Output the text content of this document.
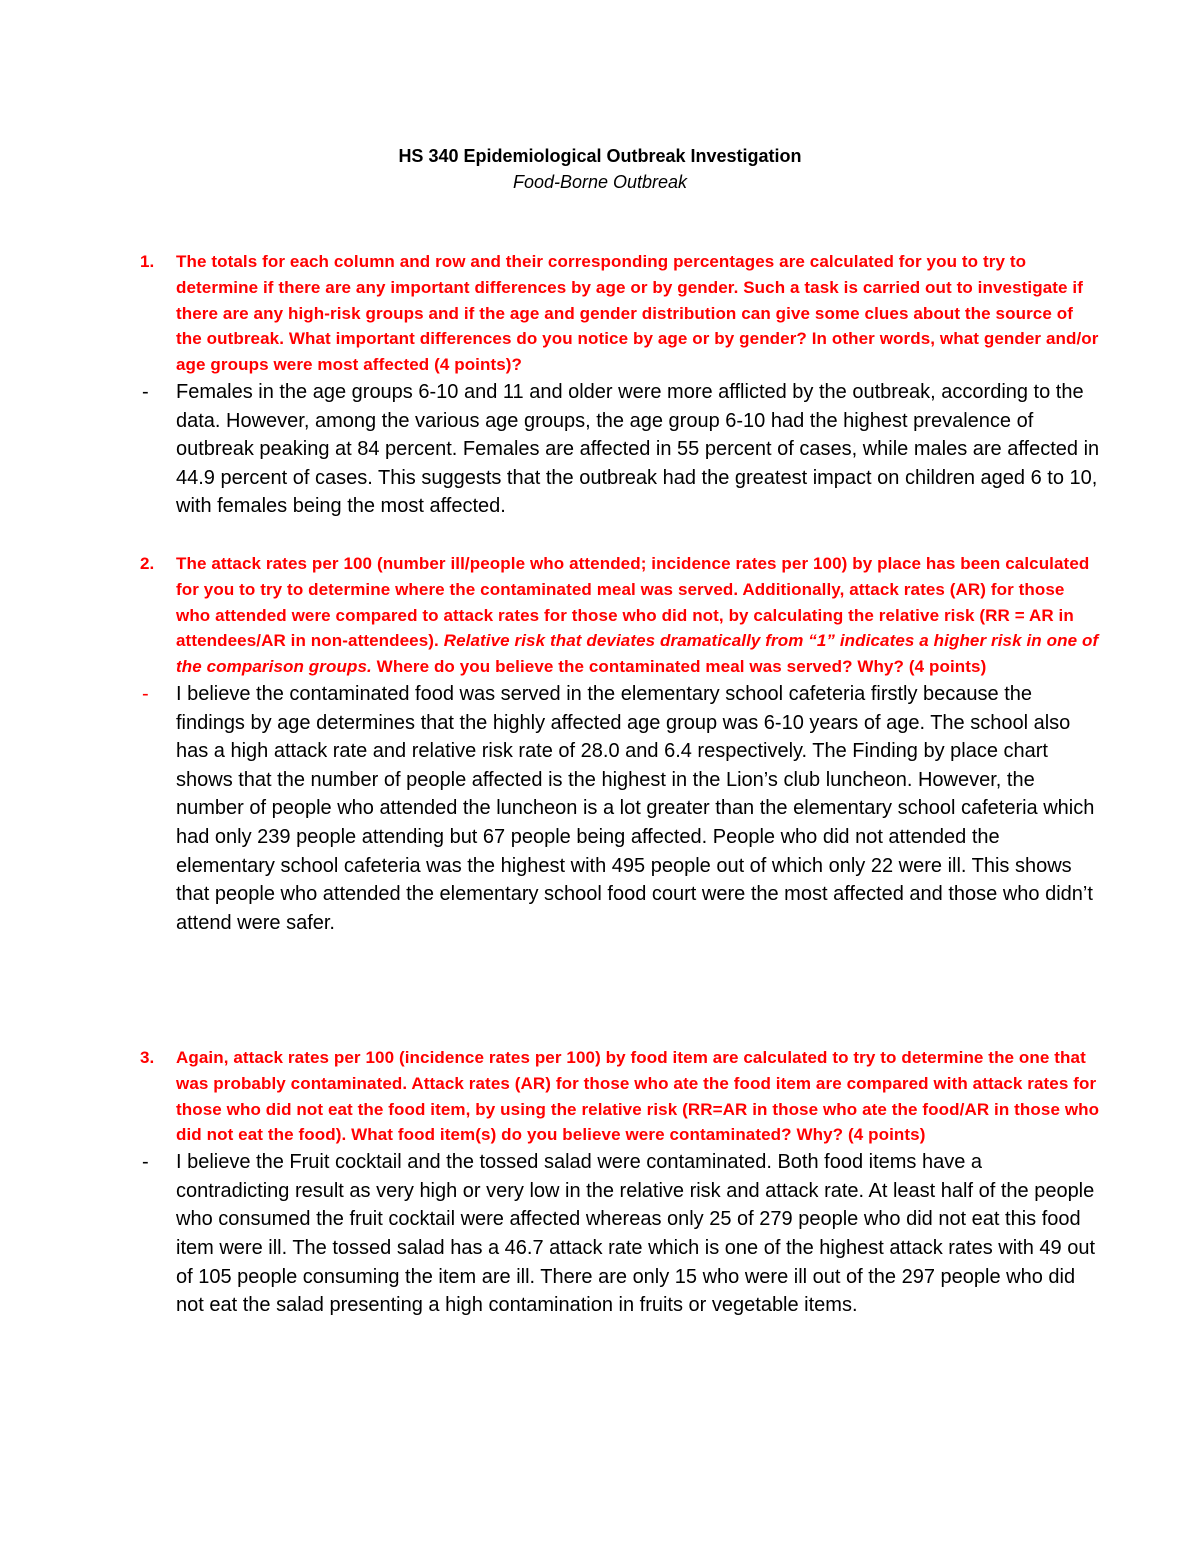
HS 340 Epidemiological Outbreak Investigation

Food-Borne Outbreak

1.	The totals for each column and row and their corresponding percentages are calculated for you to try to determine if there are any important differences by age or by gender. Such a task is carried out to investigate if there are any high-risk groups and if the age and gender distribution can give some clues about the source of the outbreak. What important differences do you notice by age or by gender? In other words, what gender and/or age groups were most affected (4 points)?
- Females in the age groups 6-10 and 11 and older were more afflicted by the outbreak, according to the data. However, among the various age groups, the age group 6-10 had the highest prevalence of outbreak peaking at 84 percent. Females are affected in 55 percent of cases, while males are affected in 44.9 percent of cases. This suggests that the outbreak had the greatest impact on children aged 6 to 10, with females being the most affected.
2.	The attack rates per 100 (number ill/people who attended; incidence rates per 100) by place has been calculated for you to try to determine where the contaminated meal was served. Additionally, attack rates (AR) for those who attended were compared to attack rates for those who did not, by calculating the relative risk (RR = AR in attendees/AR in non-attendees). Relative risk that deviates dramatically from “1” indicates a higher risk in one of the comparison groups. Where do you believe the contaminated meal was served? Why? (4 points)
- I believe the contaminated food was served in the elementary school cafeteria firstly because the findings by age determines that the highly affected age group was 6-10 years of age. The school also has a high attack rate and relative risk rate of 28.0 and 6.4 respectively. The Finding by place chart shows that the number of people affected is the highest in the Lion’s club luncheon. However, the number of people who attended the luncheon is a lot greater than the elementary school cafeteria which had only 239 people attending but 67 people being affected. People who did not attended the elementary school cafeteria was the highest with 495 people out of which only 22 were ill. This shows that people who attended the elementary school food court were the most affected and those who didn’t attend were safer.
3.	Again, attack rates per 100 (incidence rates per 100) by food item are calculated to try to determine the one that was probably contaminated. Attack rates (AR) for those who ate the food item are compared with attack rates for those who did not eat the food item, by using the relative risk (RR=AR in those who ate the food/AR in those who did not eat the food). What food item(s) do you believe were contaminated? Why? (4 points)
- I believe the Fruit cocktail and the tossed salad were contaminated. Both food items have a contradicting result as very high or very low in the relative risk and attack rate. At least half of the people who consumed the fruit cocktail were affected whereas only 25 of 279 people who did not eat this food item were ill. The tossed salad has a 46.7 attack rate which is one of the highest attack rates with 49 out of 105 people consuming the item are ill. There are only 15 who were ill out of the 297 people who did not eat the salad presenting a high contamination in fruits or vegetable items.
